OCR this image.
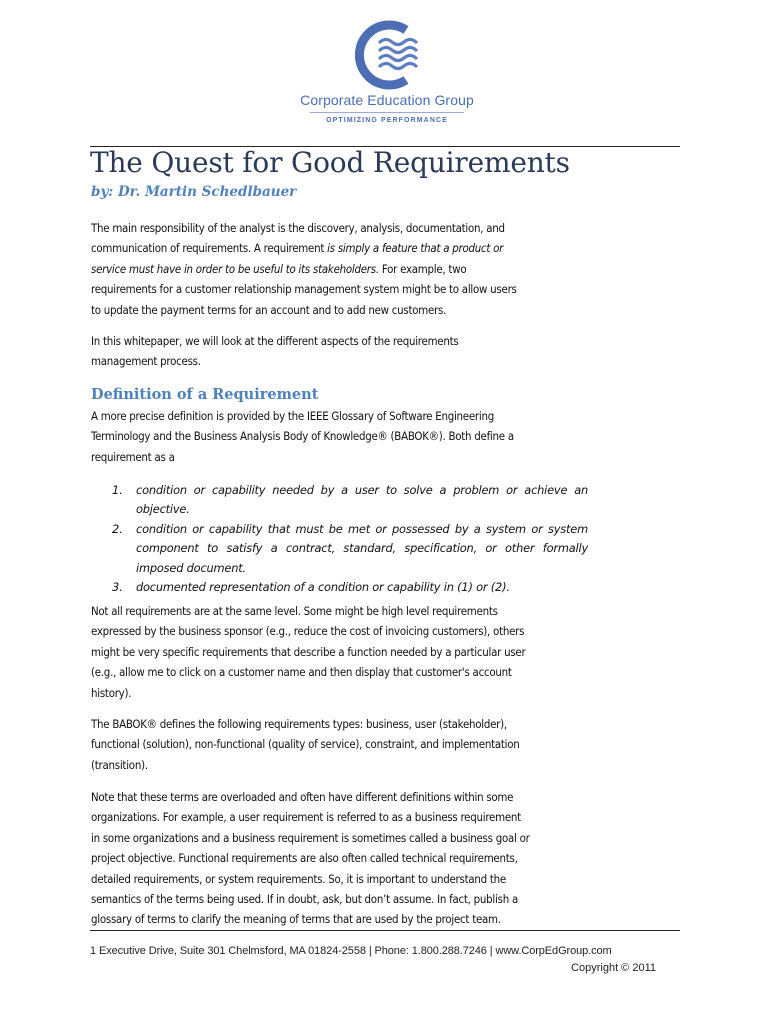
Corporate Education Group
OPTIMIZING PERFORMANCE
The Quest for Good Requirements
by: Dr. Martin Schedlbauer
The main responsibility of the analyst is the discovery, analysis, documentation, and
communication of requirements. A requirement is simply a feature that a product or
service must have in order to be useful to its stakeholders. For example, two
requirements for a customer relationship management system might be to allow users
to update the payment terms for an account and to add new customers.
In this whitepaper, we will look at the different aspects of the requirements
management process.
Definition of a Requirement
A more precise definition is provided by the IEEE Glossary of Software Engineering
Terminology and the Business Analysis Body of Knowledge® (BABOK®). Both define a
requirement as a
1. condition or capability needed by a user to solve a problem or achieve an objective.
2. condition or capability that must be met or possessed by a system or system component to satisfy a contract, standard, specification, or other formally imposed document.
3. documented representation of a condition or capability in (1) or (2).
Not all requirements are at the same level. Some might be high level requirements
expressed by the business sponsor (e.g., reduce the cost of invoicing customers), others
might be very specific requirements that describe a function needed by a particular user
(e.g., allow me to click on a customer name and then display that customer's account
history).
The BABOK® defines the following requirements types: business, user (stakeholder),
functional (solution), non-functional (quality of service), constraint, and implementation
(transition).
Note that these terms are overloaded and often have different definitions within some
organizations. For example, a user requirement is referred to as a business requirement
in some organizations and a business requirement is sometimes called a business goal or
project objective. Functional requirements are also often called technical requirements,
detailed requirements, or system requirements. So, it is important to understand the
semantics of the terms being used. If in doubt, ask, but don’t assume. In fact, publish a
glossary of terms to clarify the meaning of terms that are used by the project team.
1 Executive Drive, Suite 301 Chelmsford, MA 01824-2558 | Phone: 1.800.288.7246 | www.CorpEdGroup.com
Copyright © 2011
